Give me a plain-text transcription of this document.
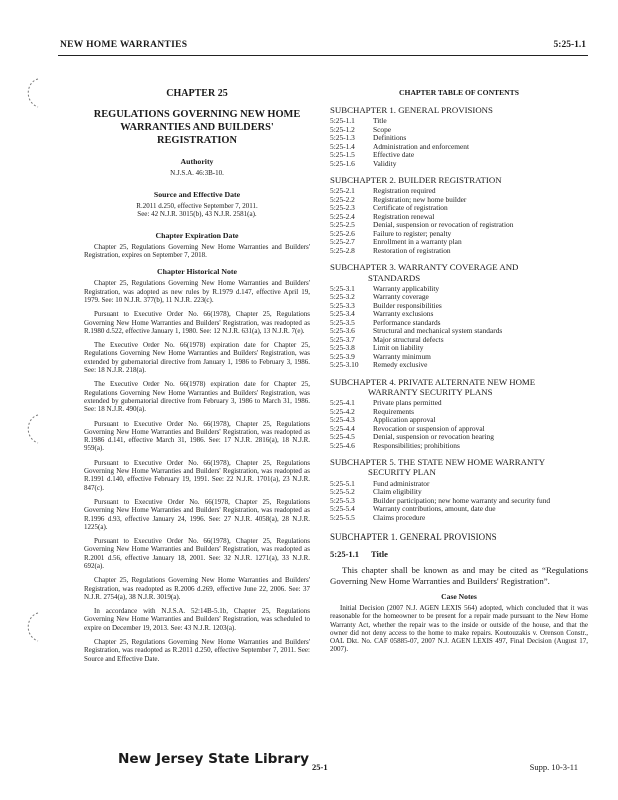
NEW HOME WARRANTIES	5:25-1.1
CHAPTER 25
REGULATIONS GOVERNING NEW HOME WARRANTIES AND BUILDERS' REGISTRATION
Authority
N.J.S.A. 46:3B-10.
Source and Effective Date
R.2011 d.250, effective September 7, 2011.
See: 42 N.J.R. 3015(b), 43 N.J.R. 2581(a).
Chapter Expiration Date

Chapter 25, Regulations Governing New Home Warranties and Builders' Registration, expires on September 7, 2018.

Chapter Historical Note

Chapter 25, Regulations Governing New Home Warranties and Builders' Registration, was adopted as new rules by R.1979 d.147, effective April 19, 1979. See: 10 N.J.R. 377(b), 11 N.J.R. 223(c).

Pursuant to Executive Order No. 66(1978), Chapter 25, Regulations Governing New Home Warranties and Builders' Registration, was readopted as R.1980 d.522, effective January 1, 1980. See: 12 N.J.R. 631(a), 13 N.J.R. 7(e).

The Executive Order No. 66(1978) expiration date for Chapter 25, Regulations Governing New Home Warranties and Builders' Registration, was extended by gubernatorial directive from January 1, 1986 to February 3, 1986. See: 18 N.J.R. 218(a).

The Executive Order No. 66(1978) expiration date for Chapter 25, Regulations Governing New Home Warranties and Builders' Registration, was extended by gubernatorial directive from February 3, 1986 to March 31, 1986. See: 18 N.J.R. 490(a).

Pursuant to Executive Order No. 66(1978), Chapter 25, Regulations Governing New Home Warranties and Builders' Registration, was readopted as R.1986 d.141, effective March 31, 1986. See: 17 N.J.R. 2816(a), 18 N.J.R. 959(a).

Pursuant to Executive Order No. 66(1978), Chapter 25, Regulations Governing New Home Warranties and Builders' Registration, was readopted as R.1991 d.140, effective February 19, 1991. See: 22 N.J.R. 1701(a), 23 N.J.R. 847(c).

Pursuant to Executive Order No. 66(1978, Chapter 25, Regulations Governing New Home Warranties and Builders' Registration, was readopted as R.1996 d.93, effective January 24, 1996. See: 27 N.J.R. 4058(a), 28 N.J.R. 1225(a).

Pursuant to Executive Order No. 66(1978), Chapter 25, Regulations Governing New Home Warranties and Builders' Registration, was readopted as R.2001 d.56, effective January 18, 2001. See: 32 N.J.R. 1271(a), 33 N.J.R. 692(a).

Chapter 25, Regulations Governing New Home Warranties and Builders' Registration, was readopted as R.2006 d.269, effective June 22, 2006. See: 37 N.J.R. 2754(a), 38 N.J.R. 3019(a).

In accordance with N.J.S.A. 52:14B-5.1b, Chapter 25, Regulations Governing New Home Warranties and Builders' Registration, was scheduled to expire on December 19, 2013. See: 43 N.J.R. 1203(a).

Chapter 25, Regulations Governing New Home Warranties and Builders' Registration, was readopted as R.2011 d.250, effective September 7, 2011. See: Source and Effective Date.

CHAPTER TABLE OF CONTENTS
SUBCHAPTER 1. GENERAL PROVISIONS
5:25-1.1	Title
5:25-1.2	Scope
5:25-1.3	Definitions
5:25-1.4	Administration and enforcement
5:25-1.5	Effective date
5:25-1.6	Validity
SUBCHAPTER 2. BUILDER REGISTRATION
5:25-2.1	Registration required
5:25-2.2	Registration; new home builder
5:25-2.3	Certificate of registration
5:25-2.4	Registration renewal
5:25-2.5	Denial, suspension or revocation of registration
5:25-2.6	Failure to register; penalty
5:25-2.7	Enrollment in a warranty plan
5:25-2.8	Restoration of registration
SUBCHAPTER 3. WARRANTY COVERAGE AND
STANDARDS
5:25-3.1	Warranty applicability
5:25-3.2	Warranty coverage
5:25-3.3	Builder responsibilities
5:25-3.4	Warranty exclusions
5:25-3.5	Performance standards
5:25-3.6	Structural and mechanical system standards
5:25-3.7	Major structural defects
5:25-3.8	Limit on liability
5:25-3.9	Warranty minimum
5:25-3.10	Remedy exclusive
SUBCHAPTER 4. PRIVATE ALTERNATE NEW HOME
WARRANTY SECURITY PLANS
5:25-4.1	Private plans permitted
5:25-4.2	Requirements
5:25-4.3	Application approval
5:25-4.4	Revocation or suspension of approval
5:25-4.5	Denial, suspension or revocation hearing
5:25-4.6	Responsibilities; prohibitions
SUBCHAPTER 5. THE STATE NEW HOME WARRANTY
SECURITY PLAN
5:25-5.1	Fund administrator
5:25-5.2	Claim eligibility
5:25-5.3	Builder participation; new home warranty and security fund
5:25-5.4	Warranty contributions, amount, date due
5:25-5.5	Claims procedure
SUBCHAPTER 1. GENERAL PROVISIONS
5:25-1.1 Title

This chapter shall be known as and may be cited as “Regulations Governing New Home Warranties and Builders' Registration”.

Case Notes

Initial Decision (2007 N.J. AGEN LEXIS 564) adopted, which concluded that it was reasonable for the homeowner to be present for a repair made pursuant to the New Home Warranty Act, whether the repair was to the inside or outside of the house, and that the owner did not deny access to the home to make repairs. Koutouzakis v. Orenson Constr., OAL Dkt. No. CAF 05885-07, 2007 N.J. AGEN LEXIS 497, Final Decision (August 17, 2007).

New Jersey State Library 25-1	Supp. 10-3-11
